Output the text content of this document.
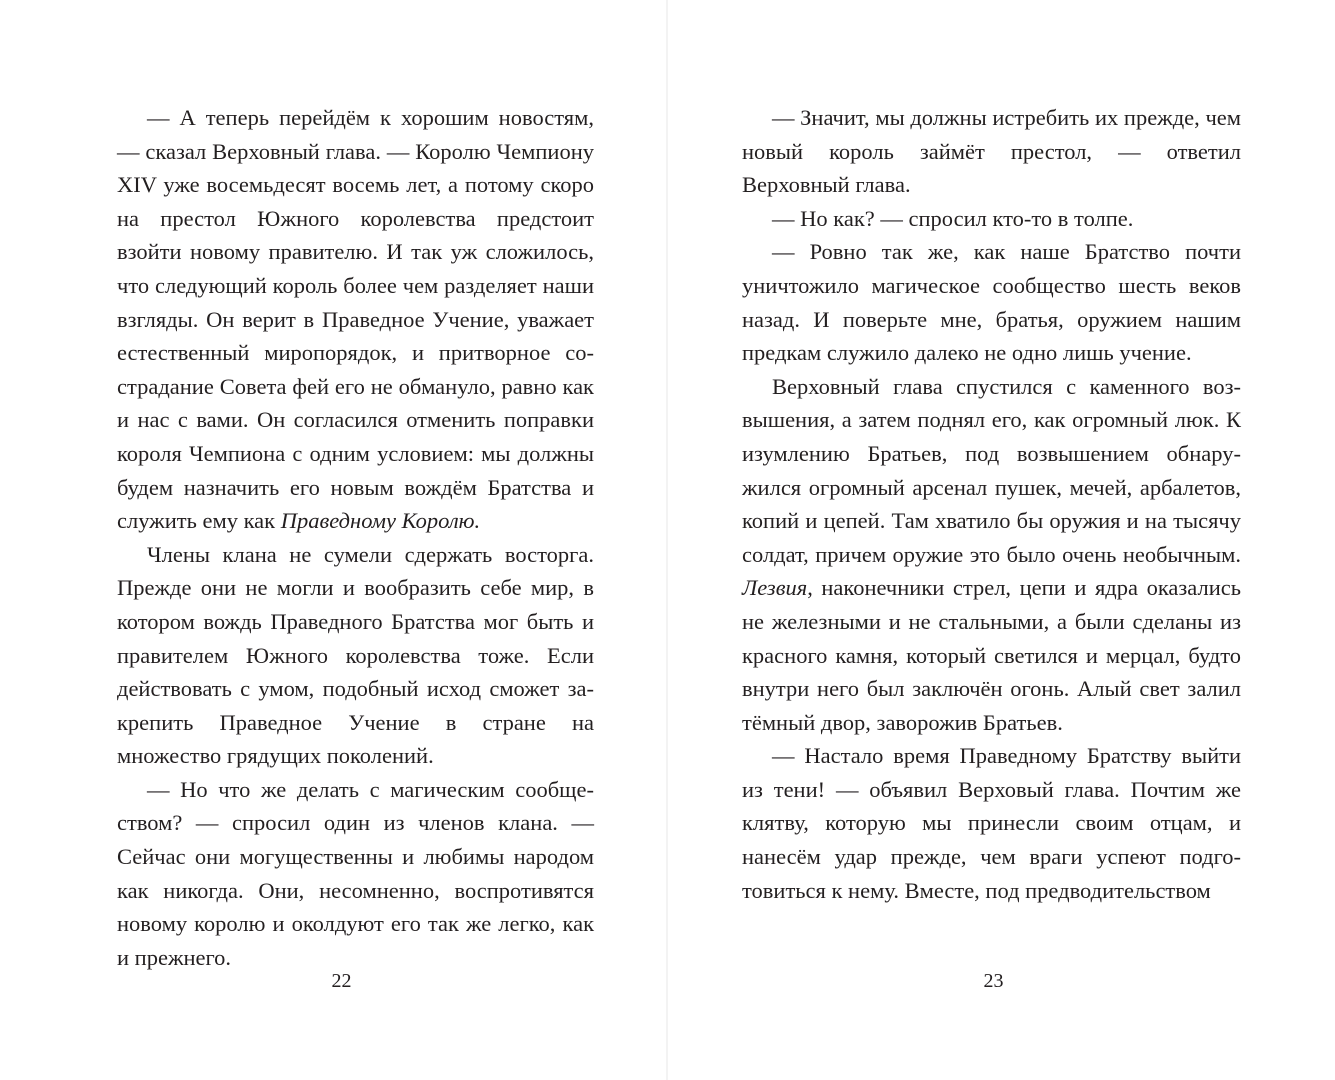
— А теперь перейдём к хорошим новостям, — сказал Верховный глава. — Королю Чемпиону XIV уже восемьдесят восемь лет, а потому скоро на престол Южного королевства предстоит взойти новому правителю. И так уж сложилось, что следующий король более чем разделяет наши взгляды. Он верит в Праведное Учение, уважает естественный миропорядок, и притворное сострадание Совета фей его не обмануло, равно как и нас с вами. Он согласился отменить поправки короля Чемпиона с одним условием: мы должны будем назначить его новым вождём Братства и служить ему как Праведному Королю.

Члены клана не сумели сдержать восторга. Прежде они не могли и вообразить себе мир, в котором вождь Праведного Братства мог быть и правителем Южного королевства тоже. Если действовать с умом, подобный исход сможет закрепить Праведное Учение в стране на множество грядущих поколений.

— Но что же делать с магическим сообществом? — спросил один из членов клана. — Сейчас они могущественны и любимы народом как никогда. Они, несомненно, воспротивятся новому королю и околдуют его так же легко, как и прежнего.

22

— Значит, мы должны истребить их прежде, чем новый король займёт престол, — ответил Верховный глава.

— Но как? — спросил кто-то в толпе.

— Ровно так же, как наше Братство почти уничтожило магическое сообщество шесть веков назад. И поверьте мне, братья, оружием нашим предкам служило далеко не одно лишь учение.

Верховный глава спустился с каменного возвышения, а затем поднял его, как огромный люк. К изумлению Братьев, под возвышением обнаружился огромный арсенал пушек, мечей, арбалетов, копий и цепей. Там хватило бы оружия и на тысячу солдат, причем оружие это было очень необычным. Лезвия, наконечники стрел, цепи и ядра оказались не железными и не стальными, а были сделаны из красного камня, который светился и мерцал, будто внутри него был заключён огонь. Алый свет залил тёмный двор, заворожив Братьев.

— Настало время Праведному Братству выйти из тени! — объявил Верховый глава. Почтим же клятву, которую мы принесли своим отцам, и нанесём удар прежде, чем враги успеют подготовиться к нему. Вместе, под предводительством

23
